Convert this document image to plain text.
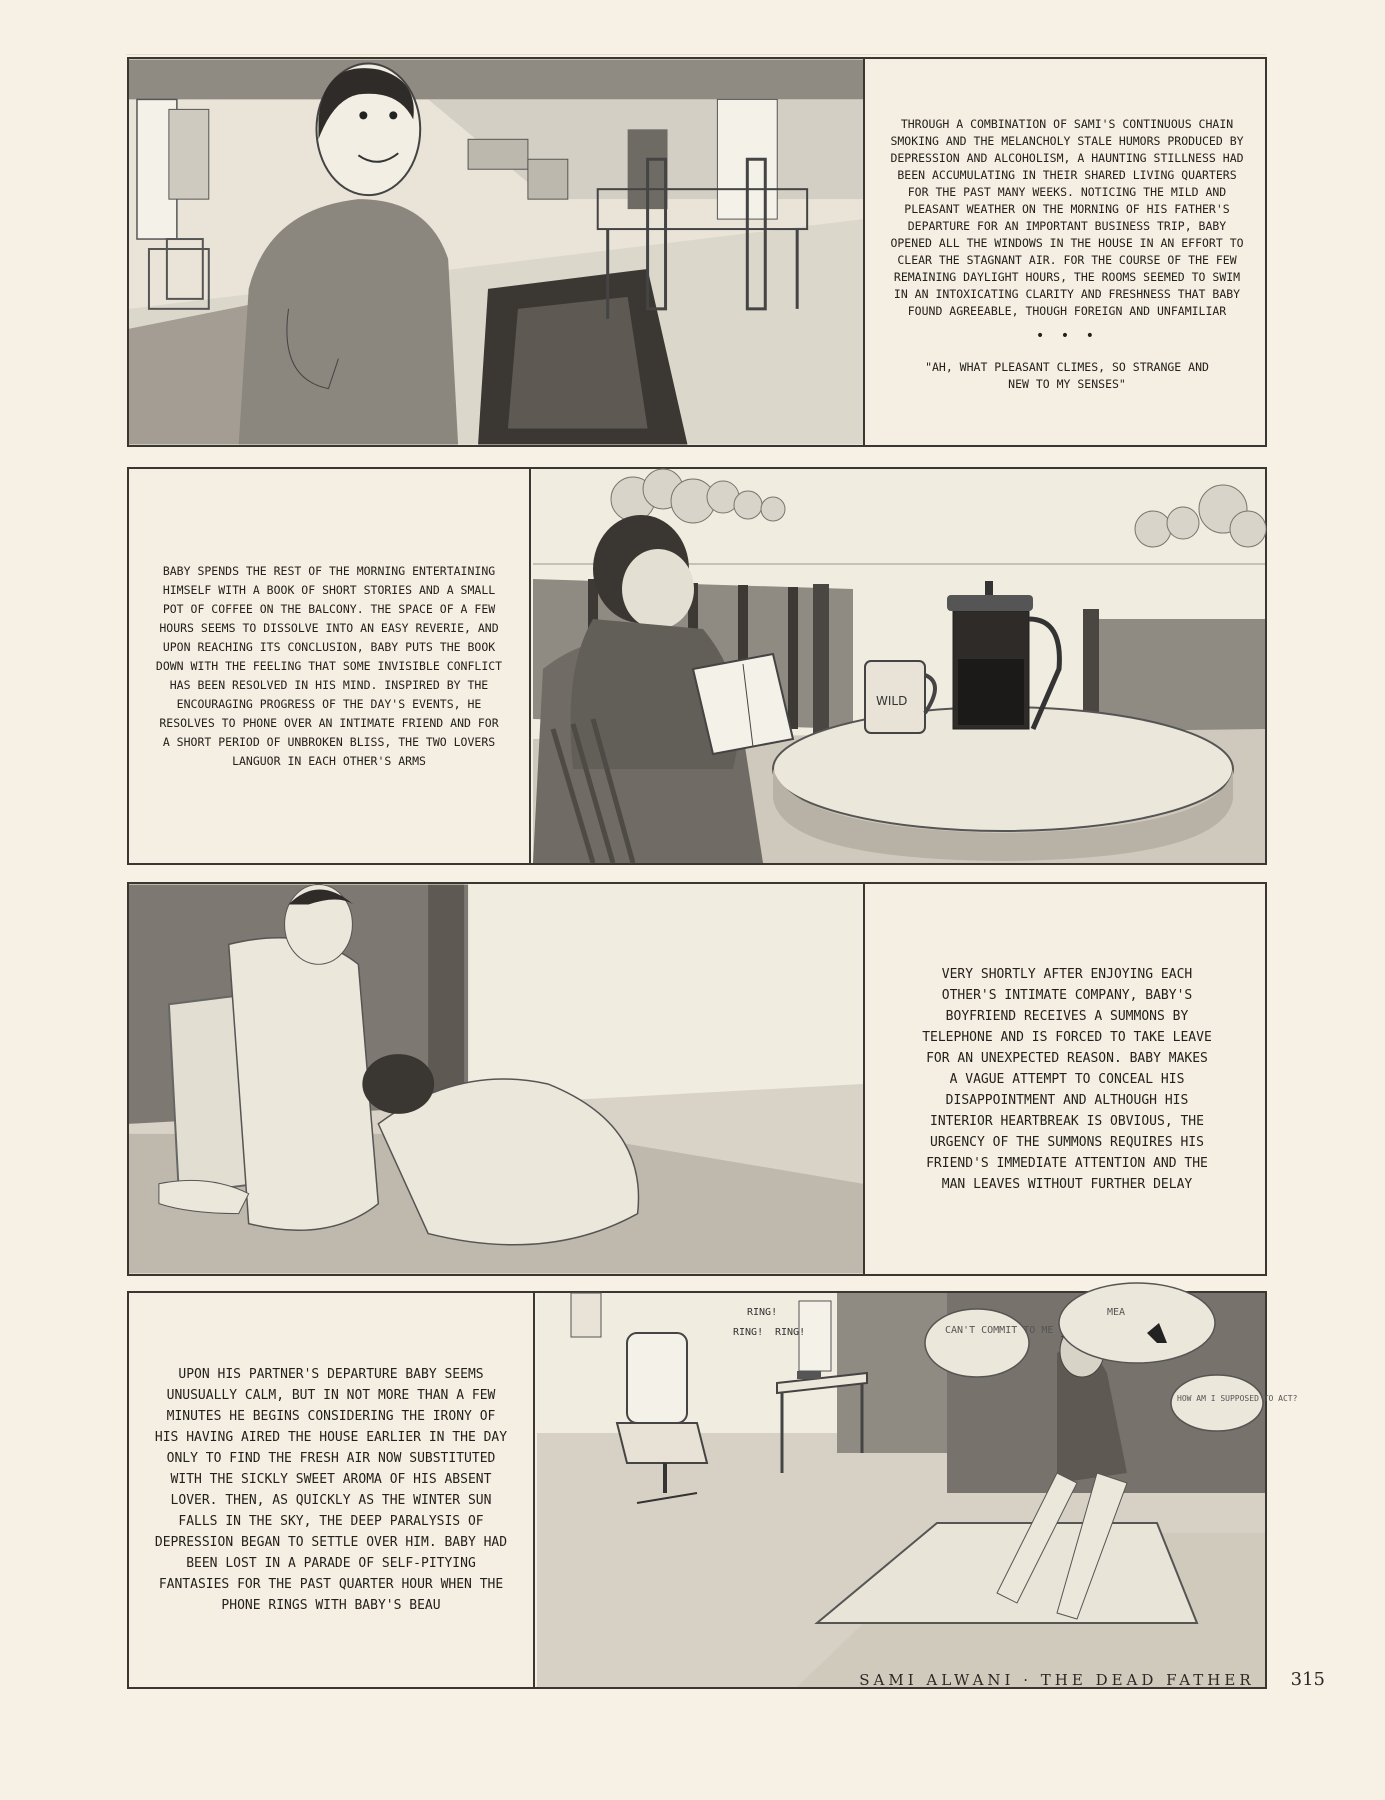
THROUGH A COMBINATION OF SAMI'S CONTINUOUS CHAIN SMOKING AND THE MELANCHOLY STALE HUMORS PRODUCED BY DEPRESSION AND ALCOHOLISM, A HAUNTING STILLNESS HAD BEEN ACCUMULATING IN THEIR SHARED LIVING QUARTERS FOR THE PAST MANY WEEKS. NOTICING THE MILD AND PLEASANT WEATHER ON THE MORNING OF HIS FATHER'S DEPARTURE FOR AN IMPORTANT BUSINESS TRIP, BABY OPENED ALL THE WINDOWS IN THE HOUSE IN AN EFFORT TO CLEAR THE STAGNANT AIR. FOR THE COURSE OF THE FEW REMAINING DAYLIGHT HOURS, THE ROOMS SEEMED TO SWIM IN AN INTOXICATING CLARITY AND FRESHNESS THAT BABY FOUND AGREEABLE, THOUGH FOREIGN AND UNFAMILIAR

• • •

"AH, WHAT PLEASANT CLIMES, SO STRANGE AND NEW TO MY SENSES"

BABY SPENDS THE REST OF THE MORNING ENTERTAINING HIMSELF WITH A BOOK OF SHORT STORIES AND A SMALL POT OF COFFEE ON THE BALCONY. THE SPACE OF A FEW HOURS SEEMS TO DISSOLVE INTO AN EASY REVERIE, AND UPON REACHING ITS CONCLUSION, BABY PUTS THE BOOK DOWN WITH THE FEELING THAT SOME INVISIBLE CONFLICT HAS BEEN RESOLVED IN HIS MIND. INSPIRED BY THE ENCOURAGING PROGRESS OF THE DAY'S EVENTS, HE RESOLVES TO PHONE OVER AN INTIMATE FRIEND AND FOR A SHORT PERIOD OF UNBROKEN BLISS, THE TWO LOVERS LANGUOR IN EACH OTHER'S ARMS

WILD

VERY SHORTLY AFTER ENJOYING EACH OTHER'S INTIMATE COMPANY, BABY'S BOYFRIEND RECEIVES A SUMMONS BY TELEPHONE AND IS FORCED TO TAKE LEAVE FOR AN UNEXPECTED REASON. BABY MAKES A VAGUE ATTEMPT TO CONCEAL HIS DISAPPOINTMENT AND ALTHOUGH HIS INTERIOR HEARTBREAK IS OBVIOUS, THE URGENCY OF THE SUMMONS REQUIRES HIS FRIEND'S IMMEDIATE ATTENTION AND THE MAN LEAVES WITHOUT FURTHER DELAY

UPON HIS PARTNER'S DEPARTURE BABY SEEMS UNUSUALLY CALM, BUT IN NOT MORE THAN A FEW MINUTES HE BEGINS CONSIDERING THE IRONY OF HIS HAVING AIRED THE HOUSE EARLIER IN THE DAY ONLY TO FIND THE FRESH AIR NOW SUBSTITUTED WITH THE SICKLY SWEET AROMA OF HIS ABSENT LOVER. THEN, AS QUICKLY AS THE WINTER SUN FALLS IN THE SKY, THE DEEP PARALYSIS OF DEPRESSION BEGAN TO SETTLE OVER HIM. BABY HAD BEEN LOST IN A PARADE OF SELF-PITYING FANTASIES FOR THE PAST QUARTER HOUR WHEN THE PHONE RINGS WITH BABY'S BEAU

RING!
RING! RING!	CAN'T COMMIT TO ME
MEA
HOW AM I SUPPOSED TO ACT?
SAMI ALWANI · THE DEAD FATHER 315
